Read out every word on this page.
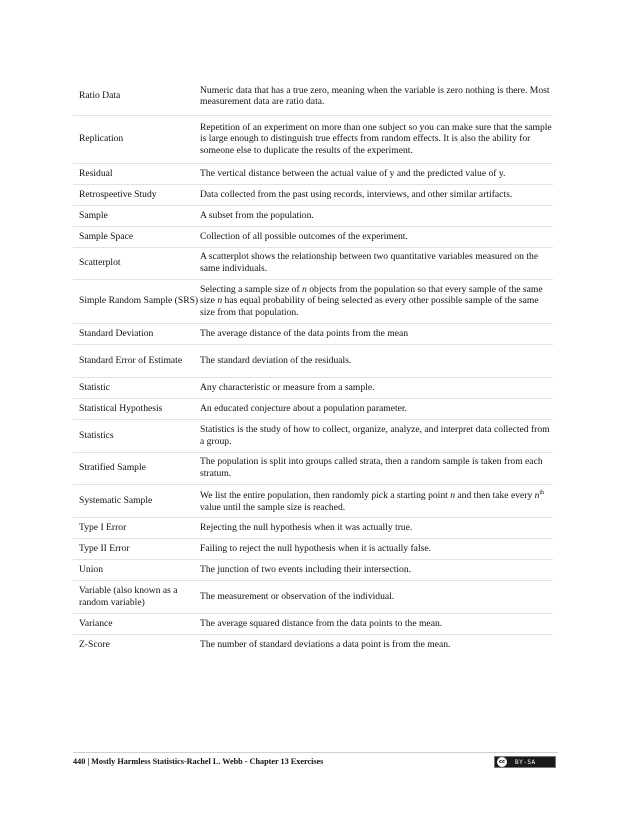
Ratio Data	Numeric data that has a true zero, meaning when the variable is zero nothing is there. Most measurement data are ratio data.
Replication	Repetition of an experiment on more than one subject so you can make sure that the sample is large enough to distinguish true effects from random effects. It is also the ability for someone else to duplicate the results of the experiment.
Residual	The vertical distance between the actual value of y and the predicted value of y.
Retrospeetive Study	Data collected from the past using records, interviews, and other similar artifacts.
Sample	A subset from the population.
Sample Space	Collection of all possible outcomes of the experiment.
Scatterplot	A scatterplot shows the relationship between two quantitative variables measured on the same individuals.
Simple Random Sample (SRS)	Selecting a sample size of n objects from the population so that every sample of the same size n has equal probability of being selected as every other possible sample of the same size from that population.
Standard Deviation	The average distance of the data points from the mean
Standard Error of Estimate	The standard deviation of the residuals.
Statistic	Any characteristic or measure from a sample.
Statistical Hypothesis	An educated conjecture about a population parameter.
Statistics	Statistics is the study of how to collect, organize, analyze, and interpret data collected from a group.
Stratified Sample	The population is split into groups called strata, then a random sample is taken from each stratum.
Systematic Sample	We list the entire population, then randomly pick a starting point n and then take every $n^{th}$ value until the sample size is reached.
Type I Error	Rejecting the null hypothesis when it was actually true.
Type II Error	Failing to reject the null hypothesis when it is actually false.
Union	The junction of two events including their intersection.
Variable (also known as a random variable)	The measurement or observation of the individual.
Variance	The average squared distance from the data points to the mean.
Z-Score	The number of standard deviations a data point is from the mean.
440 | Mostly Harmless Statistics-Rachel L. Webb - Chapter 13 Exercises	cc	BY-SA
